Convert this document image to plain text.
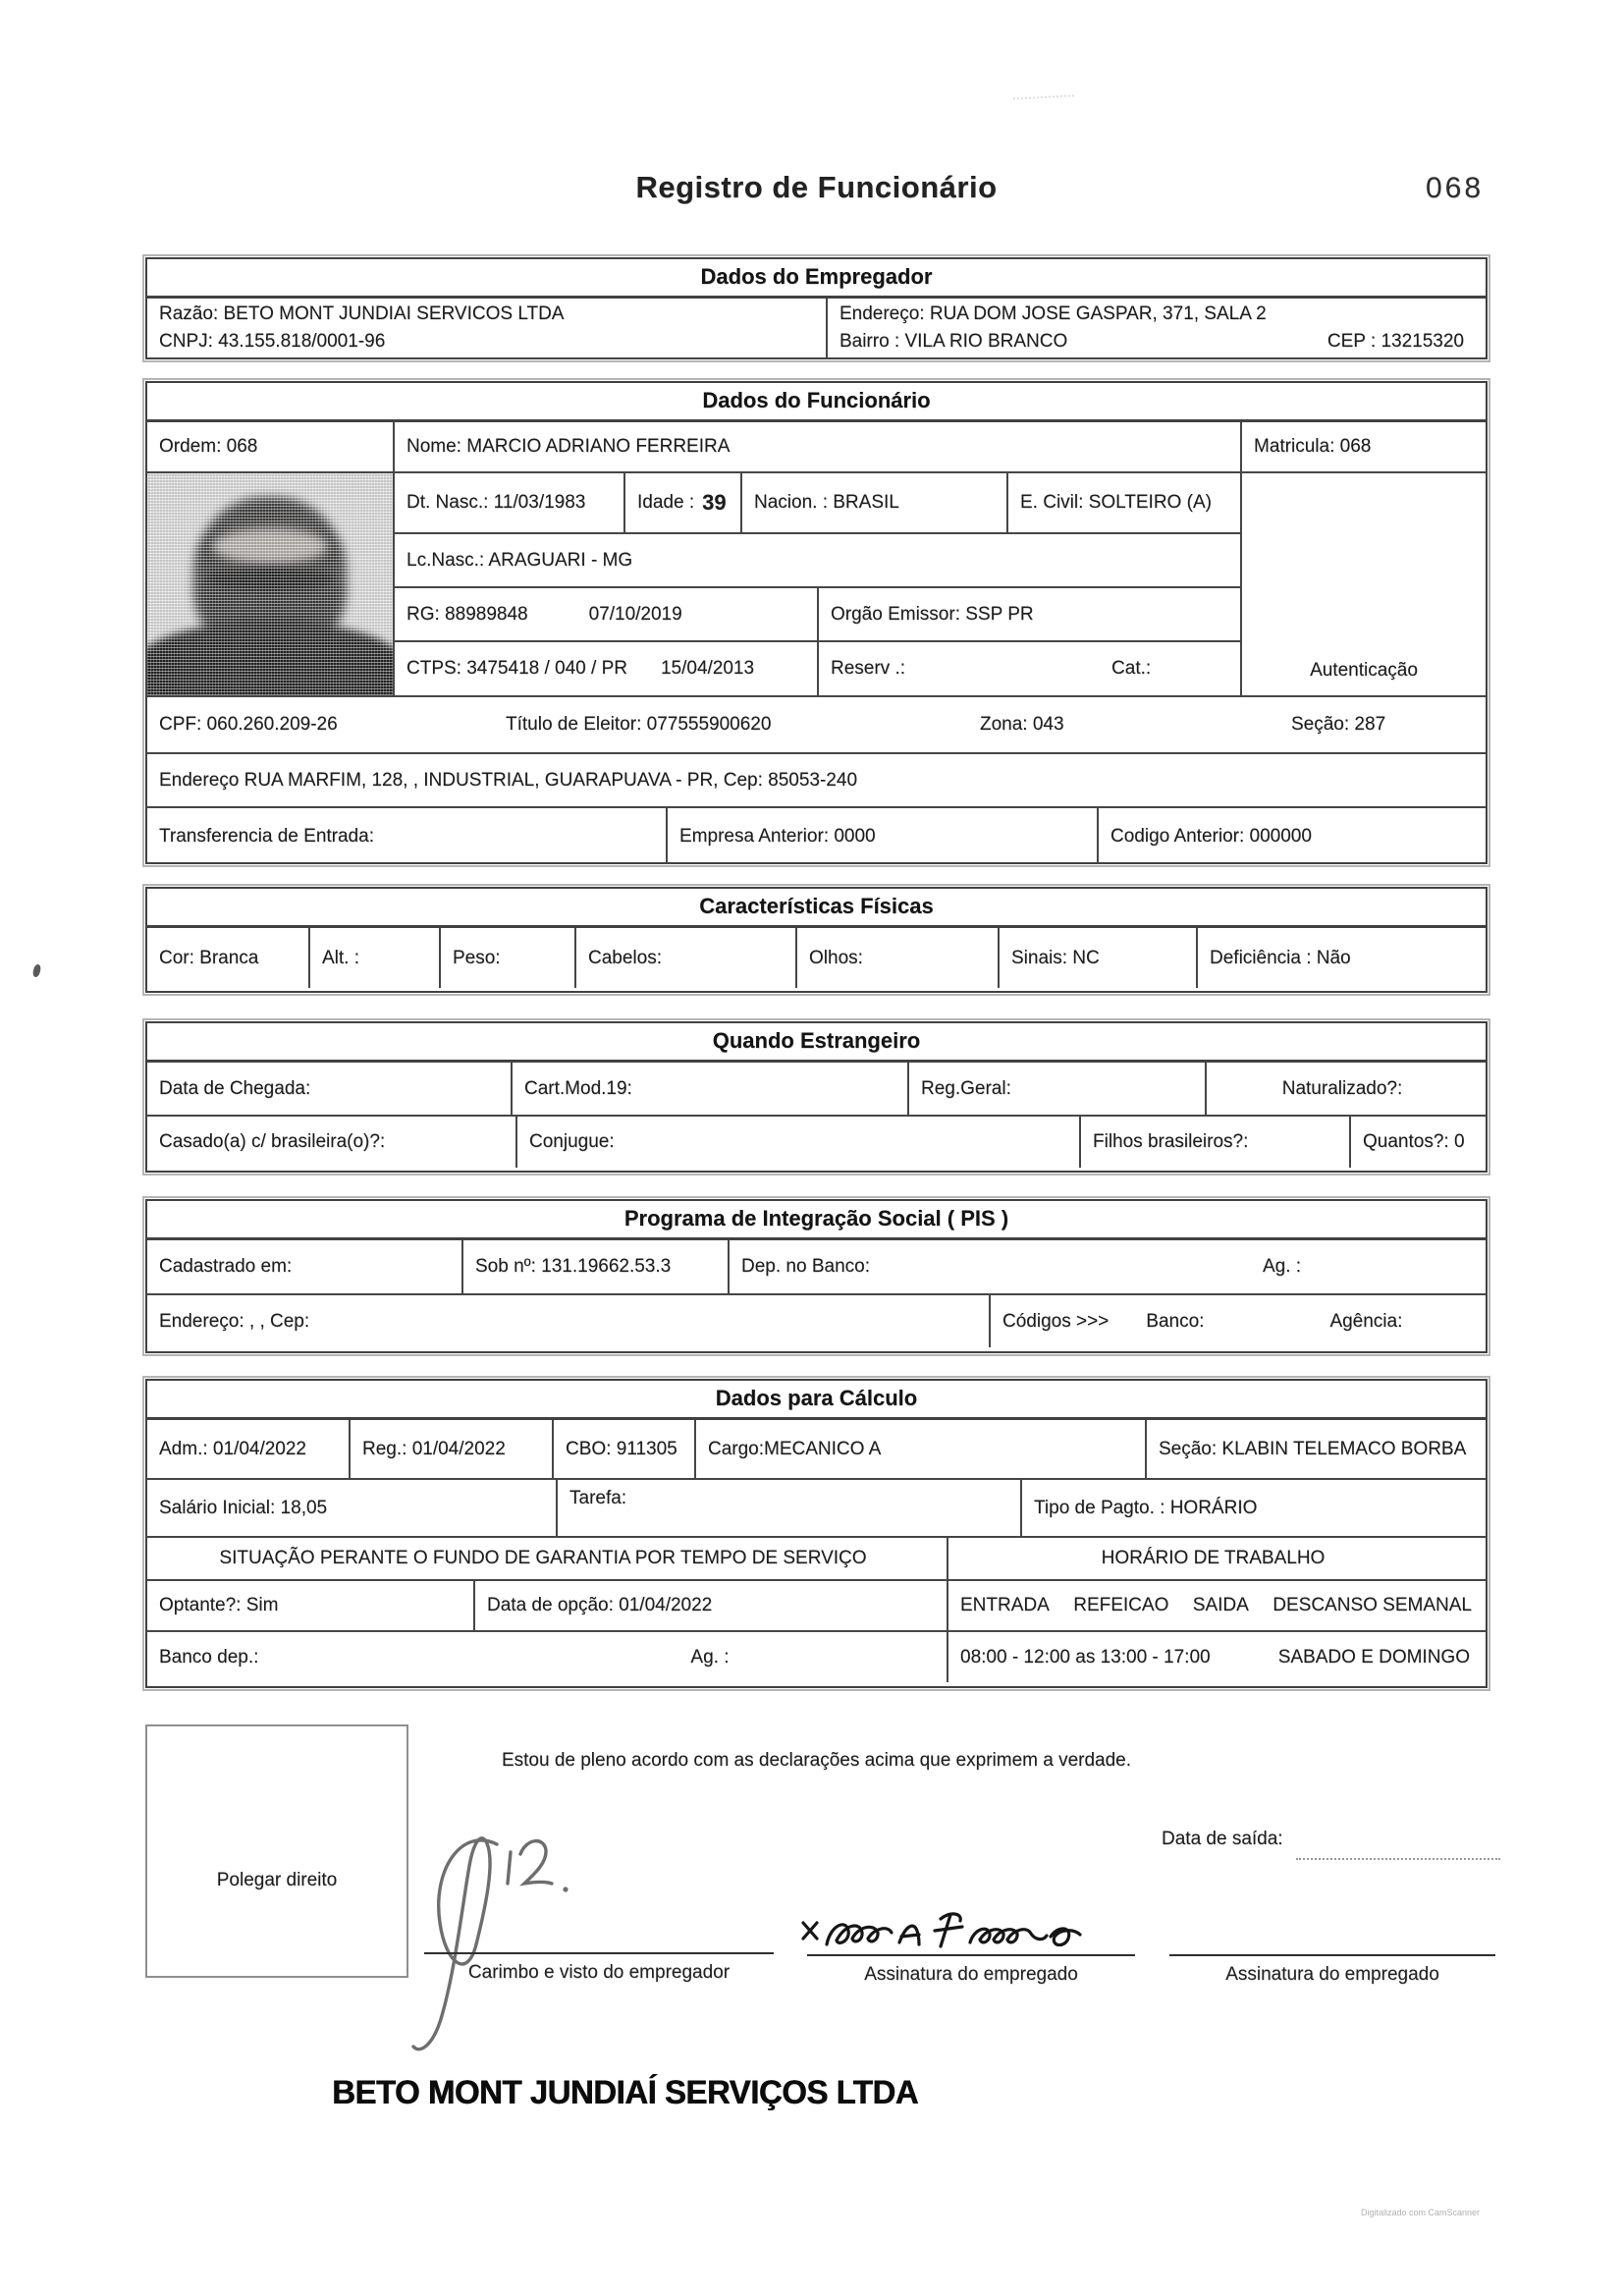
Registro de Funcionário	068
Dados do Empregador
Razão: BETO MONT JUNDIAI SERVICOS LTDA
CNPJ: 43.155.818/0001-96
Endereço: RUA DOM JOSE GASPAR, 371, SALA 2
Bairro : VILA RIO BRANCO	CEP : 13215320
Dados do Funcionário
Ordem: 068	Nome: MARCIO ADRIANO FERREIRA	Matricula: 068
Dt. Nasc.: 11/03/1983	Idade : 39	Nacion. : BRASIL	E. Civil: SOLTEIRO (A)
Autenticação
Lc.Nasc.: ARAGUARI - MG
RG: 88989848	07/10/2019	Orgão Emissor: SSP PR
CTPS: 3475418 / 040 / PR 15/04/2013	Reserv .:	Cat.:
CPF: 060.260.209-26	Título de Eleitor: 077555900620	Zona: 043	Seção: 287
Endereço RUA MARFIM, 128, , INDUSTRIAL, GUARAPUAVA - PR, Cep: 85053-240
Transferencia de Entrada:	Empresa Anterior: 0000	Codigo Anterior: 000000
Características Físicas
Cor: Branca	Alt. :	Peso:	Cabelos:	Olhos:	Sinais: NC	Deficiência : Não
Quando Estrangeiro
Data de Chegada:	Cart.Mod.19:	Reg.Geral:	Naturalizado?:
Casado(a) c/ brasileira(o)?:	Conjugue:	Filhos brasileiros?:	Quantos?: 0
Programa de Integração Social ( PIS )
Cadastrado em:	Sob nº: 131.19662.53.3	Dep. no Banco:	Ag. :
Endereço: , , Cep:	Códigos >>> Banco:	Agência:
Dados para Cálculo
Adm.: 01/04/2022	Reg.: 01/04/2022	CBO: 911305	Cargo:MECANICO A	Seção: KLABIN TELEMACO BORBA
Salário Inicial: 18,05	Tarefa:	Tipo de Pagto. : HORÁRIO
SITUAÇÃO PERANTE O FUNDO DE GARANTIA POR TEMPO DE SERVIÇO	HORÁRIO DE TRABALHO
Optante?: Sim	Data de opção: 01/04/2022	ENTRADA REFEICAO SAIDA DESCANSO SEMANAL
Banco dep.:	Ag. :	08:00 - 12:00 as 13:00 - 17:00	SABADO E DOMINGO
Polegar direito
Estou de pleno acordo com as declarações acima que exprimem a verdade.
Data de saída:
Carimbo e visto do empregador	Assinatura do empregado	Assinatura do empregado
BETO MONT JUNDIAÍ SERVIÇOS LTDA
Digitalizado com CamScanner
